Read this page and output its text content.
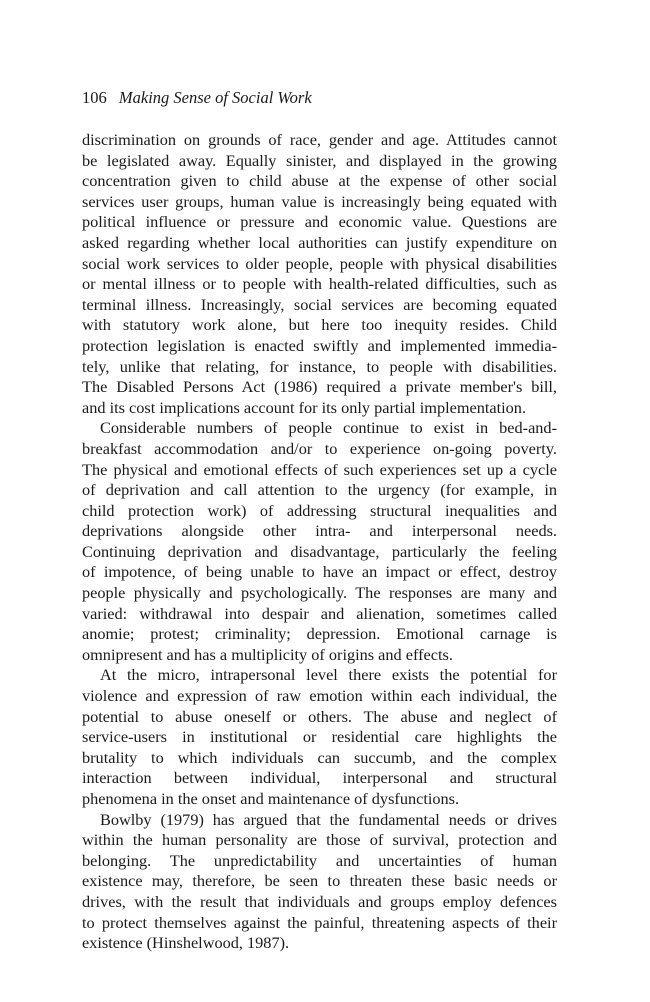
106 Making Sense of Social Work
discrimination on grounds of race, gender and age. Attitudes cannot
be legislated away. Equally sinister, and displayed in the growing
concentration given to child abuse at the expense of other social
services user groups, human value is increasingly being equated with
political influence or pressure and economic value. Questions are
asked regarding whether local authorities can justify expenditure on
social work services to older people, people with physical disabilities
or mental illness or to people with health-related difficulties, such as
terminal illness. Increasingly, social services are becoming equated
with statutory work alone, but here too inequity resides. Child
protection legislation is enacted swiftly and implemented immedia-
tely, unlike that relating, for instance, to people with disabilities.
The Disabled Persons Act (1986) required a private member's bill,
and its cost implications account for its only partial implementation.
Considerable numbers of people continue to exist in bed-and-
breakfast accommodation and/or to experience on-going poverty.
The physical and emotional effects of such experiences set up a cycle
of deprivation and call attention to the urgency (for example, in
child protection work) of addressing structural inequalities and
deprivations alongside other intra- and interpersonal needs.
Continuing deprivation and disadvantage, particularly the feeling
of impotence, of being unable to have an impact or effect, destroy
people physically and psychologically. The responses are many and
varied: withdrawal into despair and alienation, sometimes called
anomie; protest; criminality; depression. Emotional carnage is
omnipresent and has a multiplicity of origins and effects.
At the micro, intrapersonal level there exists the potential for
violence and expression of raw emotion within each individual, the
potential to abuse oneself or others. The abuse and neglect of
service-users in institutional or residential care highlights the
brutality to which individuals can succumb, and the complex
interaction between individual, interpersonal and structural
phenomena in the onset and maintenance of dysfunctions.
Bowlby (1979) has argued that the fundamental needs or drives
within the human personality are those of survival, protection and
belonging. The unpredictability and uncertainties of human
existence may, therefore, be seen to threaten these basic needs or
drives, with the result that individuals and groups employ defences
to protect themselves against the painful, threatening aspects of their
existence (Hinshelwood, 1987).
